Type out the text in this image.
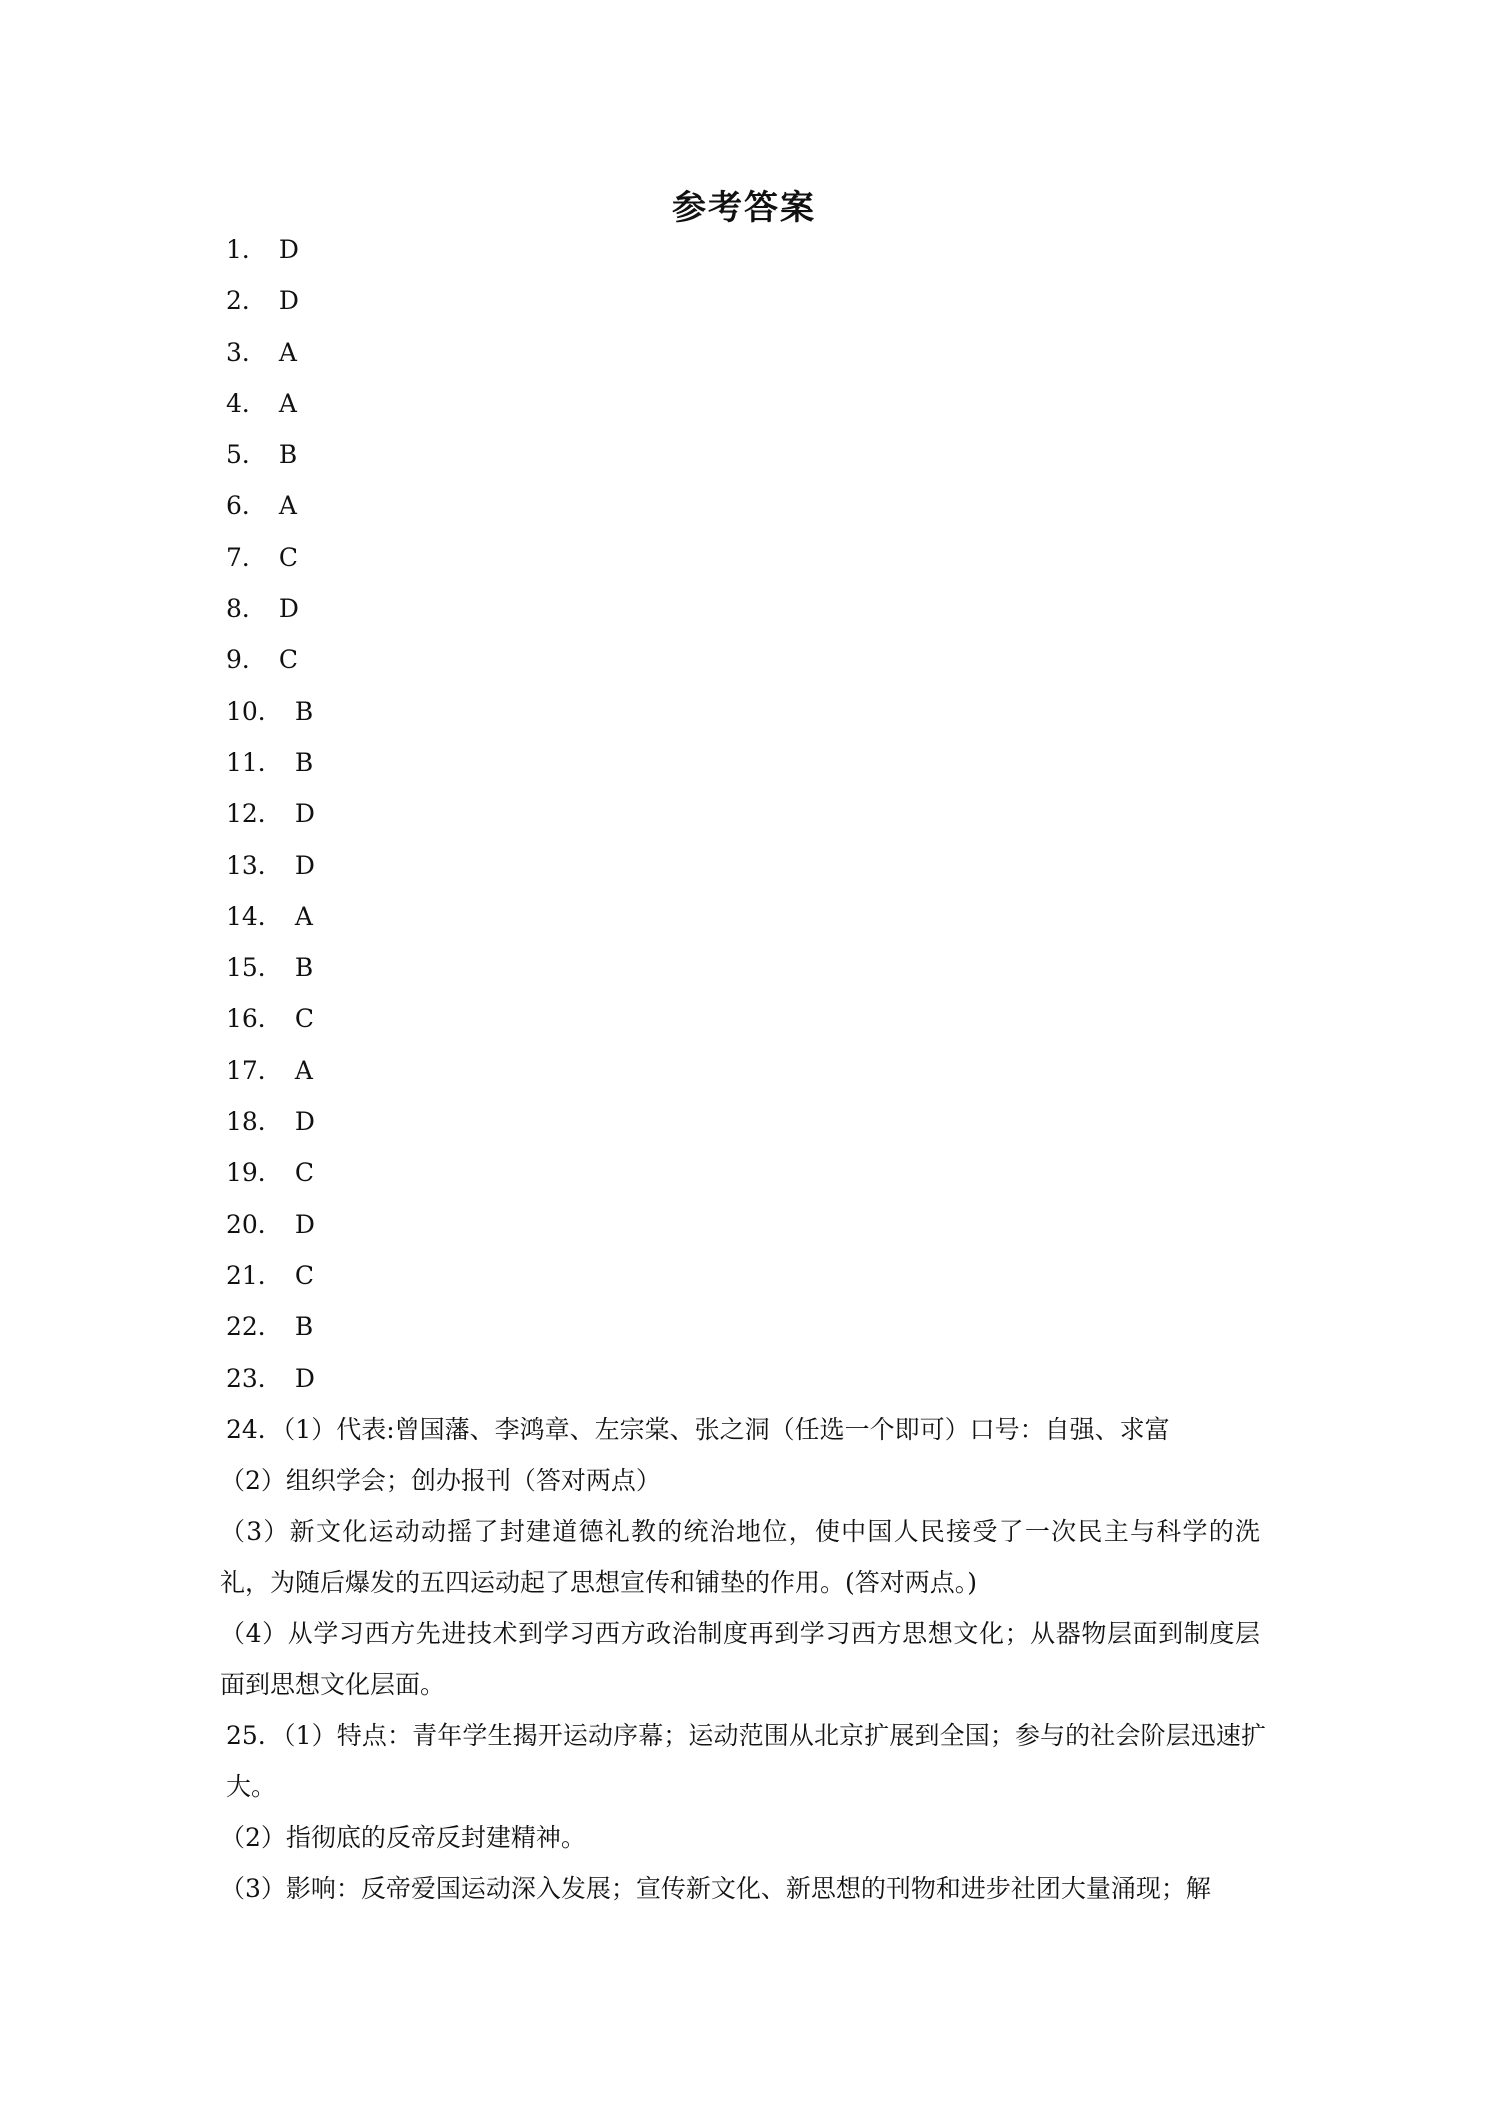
参考答案
1． D
2． D
3． A
4． A
5． B
6． A
7． C
8． D
9． C
10． B
11． B
12． D
13． D
14． A
15． B
16． C
17． A
18． D
19． C
20． D
21． C
22． B
23． D

24．（1）代表:曾国藩、李鸿章、左宗棠、张之洞（任选一个即可）口号：自强、求富

（2）组织学会；创办报刊（答对两点）

（3）新文化运动动摇了封建道德礼教的统治地位，使中国人民接受了一次民主与科学的洗礼，为随后爆发的五四运动起了思想宣传和铺垫的作用。(答对两点。)

（4）从学习西方先进技术到学习西方政治制度再到学习西方思想文化；从器物层面到制度层面到思想文化层面。

25．（1）特点：青年学生揭开运动序幕；运动范围从北京扩展到全国；参与的社会阶层迅速扩大。

（2）指彻底的反帝反封建精神。

（3）影响：反帝爱国运动深入发展；宣传新文化、新思想的刊物和进步社团大量涌现；解
